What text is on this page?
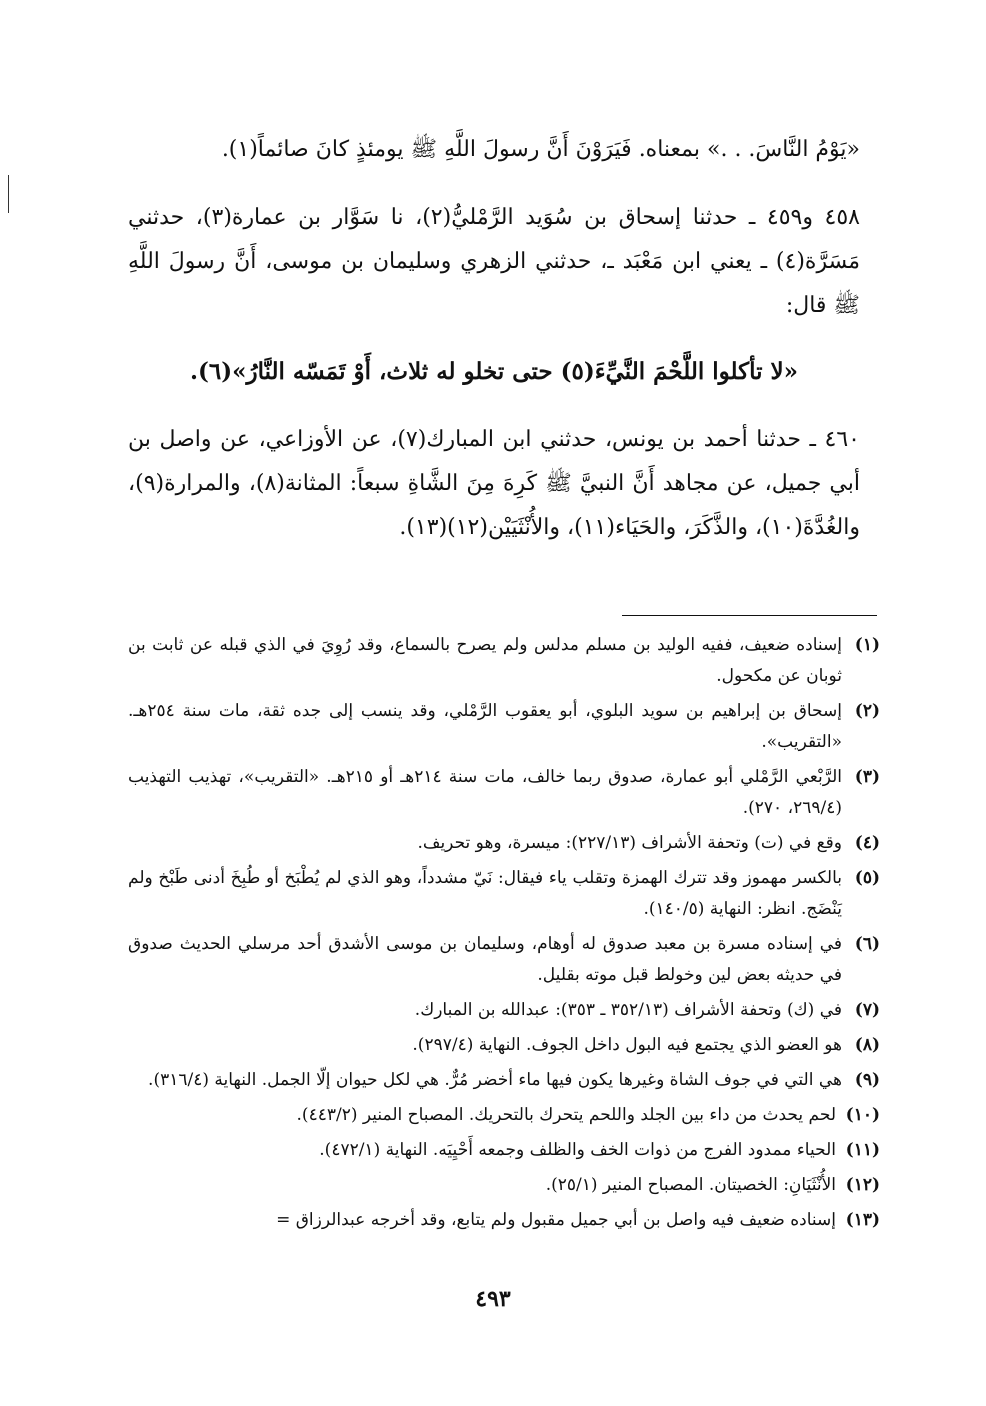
«يَوْمُ النَّاسَ. . .» بمعناه. فَيَرَوْنَ أَنَّ رسولَ اللَّهِ ﷺ يومئذٍ كانَ صائماً(١).

٤٥٨ و٤٥٩ ـ حدثنا إسحاق بن سُوَيد الرَّمْليُّ(٢)، نا سَوَّار بن عمارة(٣)، حدثني مَسَرَّة(٤) ـ يعني ابن مَعْبَد ـ، حدثني الزهري وسليمان بن موسى، أَنَّ رسولَ اللَّهِ ﷺ قال:

«لا تأكلوا اللَّحْمَ النَّيِّءَ(٥) حتى تخلو له ثلاث، أَوْ تَمَسّه النَّارُ»(٦).

٤٦٠ ـ حدثنا أحمد بن يونس، حدثني ابن المبارك(٧)، عن الأوزاعي، عن واصل بن أبي جميل، عن مجاهد أَنَّ النبيَّ ﷺ كَرِهَ مِنَ الشَّاةِ سبعاً: المثانة(٨)، والمرارة(٩)، والغُدَّةَ(١٠)، والذَّكَرَ، والحَيَاء(١١)، والأُنْثَيَيْن(١٢)(١٣).

(١)
إسناده ضعيف، ففيه الوليد بن مسلم مدلس ولم يصرح بالسماع، وقد رُوِيَ في الذي قبله عن ثابت بن ثوبان عن مكحول.
(٢)
إسحاق بن إبراهيم بن سويد البلوي، أبو يعقوب الرَّمْلي، وقد ينسب إلى جده ثقة، مات سنة ٢٥٤هـ. «التقريب».
(٣)
الرَّبْعي الرَّمْلي أبو عمارة، صدوق ربما خالف، مات سنة ٢١٤هـ أو ٢١٥هـ. «التقريب»، تهذيب التهذيب (٢٦٩/٤، ٢٧٠).
(٤)
وقع في (ت) وتحفة الأشراف (٢٢٧/١٣): ميسرة، وهو تحريف.
(٥)
بالكسر مهموز وقد تترك الهمزة وتقلب ياء فيقال: نَيّ مشدداً، وهو الذي لم يُطْبَخ أو طُبِخَ أدنى طَبْخ ولم يَنْضَج. انظر: النهاية (١٤٠/٥).
(٦)
في إسناده مسرة بن معبد صدوق له أوهام، وسليمان بن موسى الأشدق أحد مرسلي الحديث صدوق في حديثه بعض لين وخولط قبل موته بقليل.
(٧)
في (ك) وتحفة الأشراف (٣٥٢/١٣ ـ ٣٥٣): عبدالله بن المبارك.
(٨)
هو العضو الذي يجتمع فيه البول داخل الجوف. النهاية (٢٩٧/٤).
(٩)
هي التي في جوف الشاة وغيرها يكون فيها ماء أخضر مُرٌّ. هي لكل حيوان إلّا الجمل. النهاية (٣١٦/٤).
(١٠)
لحم يحدث من داء بين الجلد واللحم يتحرك بالتحريك. المصباح المنير (٤٤٣/٢).
(١١)
الحياء ممدود الفرج من ذوات الخف والظلف وجمعه أَحْيِيَه. النهاية (٤٧٢/١).
(١٢)
الأُنْثَيَانِ: الخصيتان. المصباح المنير (٢٥/١).
(١٣)
إسناده ضعيف فيه واصل بن أبي جميل مقبول ولم يتابع، وقد أخرجه عبدالرزاق =
٤٩٣
